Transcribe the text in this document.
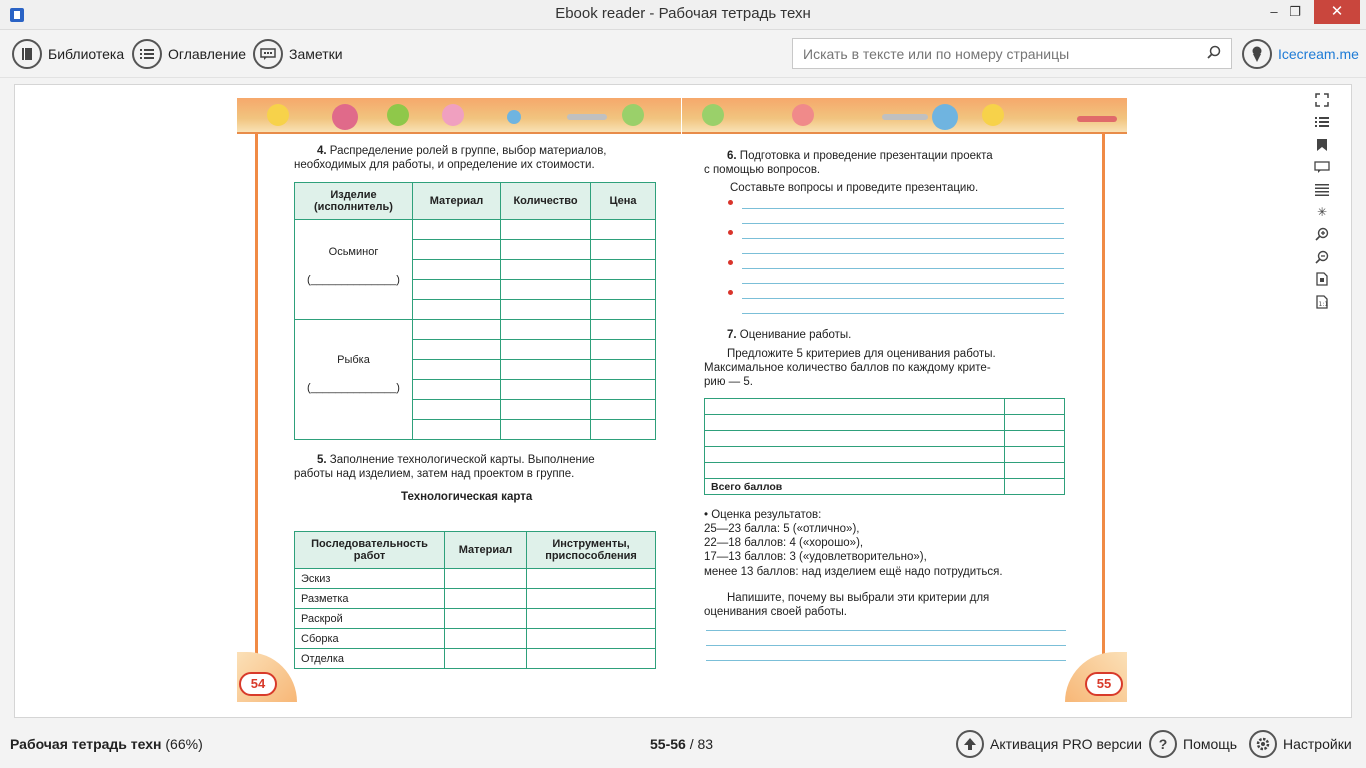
Ebook reader - Рабочая тетрадь техн	– ❐	✕
Библиотека	Оглавление	Заметки
Искать в тексте или по номеру страницы	Icecream.me
✳
1:1
4. Распределение ролей в группе, выбор материалов,
необходимых для работы, и определение их стоимости.
Изделие (исполнитель)	Материал	Количество	Цена

Осьминог
(______________)			

Рыбка
(______________)			

5. Заполнение технологической карты. Выполнение
работы над изделием, затем над проектом в группе.
Технологическая карта
Последовательность работ	Материал	Инструменты, приспособления
Эскиз		
Разметка		
Раскрой		
Сборка		
Отделка		
54
6. Подготовка и проведение презентации проекта
с помощью вопросов.
Составьте вопросы и проведите презентацию.
7. Оценивание работы.
Предложите 5 критериев для оценивания работы.
Максимальное количество баллов по каждому крите-
рию — 5.

Всего баллов	
• Оценка результатов:
25—23 балла: 5 («отлично»),
22—18 баллов: 4 («хорошо»),
17—13 баллов: 3 («удовлетворительно»),
менее 13 баллов: над изделием ещё надо потрудиться.
Напишите, почему вы выбрали эти критерии для
оценивания своей работы.
55
Рабочая тетрадь техн (66%)	55-56 / 83	Активация PRO версии	?	Помощь	Настройки
